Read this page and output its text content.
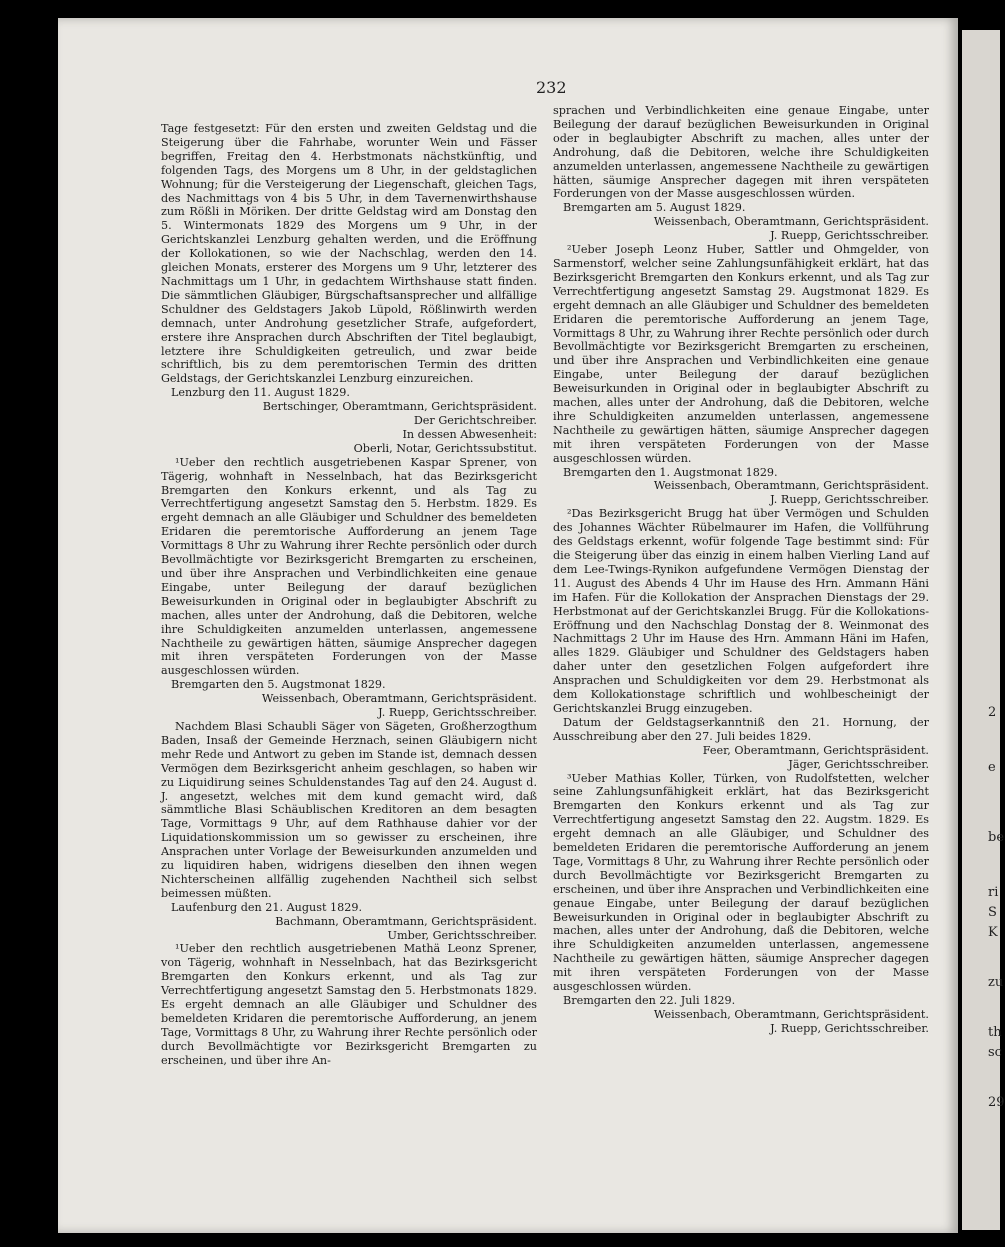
2
e
be
ri
S
K
zu
th
sc
29
232

Tage festgesetzt: Für den ersten und zweiten Geldstag und die Steigerung über die Fahrhabe, worunter Wein und Fässer begriffen, Freitag den 4. Herbstmonats nächstkünftig, und folgenden Tags, des Morgens um 8 Uhr, in der geldstaglichen Wohnung; für die Versteigerung der Liegenschaft, gleichen Tags, des Nachmittags von 4 bis 5 Uhr, in dem Tavernenwirthshause zum Rößli in Möriken. Der dritte Geldstag wird am Donstag den 5. Wintermonats 1829 des Morgens um 9 Uhr, in der Gerichtskanzlei Lenzburg gehalten werden, und die Eröffnung der Kollokationen, so wie der Nachschlag, werden den 14. gleichen Monats, ersterer des Morgens um 9 Uhr, letzterer des Nachmittags um 1 Uhr, in gedachtem Wirthshause statt finden. Die sämmtlichen Gläubiger, Bürgschaftsansprecher und allfällige Schuldner des Geldstagers Jakob Lüpold, Rößlinwirth werden demnach, unter Androhung gesetzlicher Strafe, aufgefordert, erstere ihre Ansprachen durch Abschriften der Titel beglaubigt, letztere ihre Schuldigkeiten getreulich, und zwar beide schriftlich, bis zu dem peremtorischen Termin des dritten Geldstags, der Gerichtskanzlei Lenzburg einzureichen.

Lenzburg den 11. August 1829.

Bertschinger, Oberamtmann, Gerichtspräsident.

Der Gerichtschreiber.

In dessen Abwesenheit:

Oberli, Notar, Gerichtssubstitut.

¹Ueber den rechtlich ausgetriebenen Kaspar Sprener, von Tägerig, wohnhaft in Nesselnbach, hat das Bezirksgericht Bremgarten den Konkurs erkennt, und als Tag zu Verrechtfertigung angesetzt Samstag den 5. Herbstm. 1829. Es ergeht demnach an alle Gläubiger und Schuldner des bemeldeten Eridaren die peremtorische Aufforderung an jenem Tage Vormittags 8 Uhr zu Wahrung ihrer Rechte persönlich oder durch Bevollmächtigte vor Bezirksgericht Bremgarten zu erscheinen, und über ihre Ansprachen und Verbindlichkeiten eine genaue Eingabe, unter Beilegung der darauf bezüglichen Beweisurkunden in Original oder in beglaubigter Abschrift zu machen, alles unter der Androhung, daß die Debitoren, welche ihre Schuldigkeiten anzumelden unterlassen, angemessene Nachtheile zu gewärtigen hätten, säumige Ansprecher dagegen mit ihren verspäteten Forderungen von der Masse ausgeschlossen würden.

Bremgarten den 5. Augstmonat 1829.

Weissenbach, Oberamtmann, Gerichtspräsident.

J. Ruepp, Gerichtsschreiber.

Nachdem Blasi Schaubli Säger von Sägeten, Großherzogthum Baden, Insaß der Gemeinde Herznach, seinen Gläubigern nicht mehr Rede und Antwort zu geben im Stande ist, demnach dessen Vermögen dem Bezirksgericht anheim geschlagen, so haben wir zu Liquidirung seines Schuldenstandes Tag auf den 24. August d. J. angesetzt, welches mit dem kund gemacht wird, daß sämmtliche Blasi Schäublischen Kreditoren an dem besagten Tage, Vormittags 9 Uhr, auf dem Rathhause dahier vor der Liquidationskommission um so gewisser zu erscheinen, ihre Ansprachen unter Vorlage der Beweisurkunden anzumelden und zu liquidiren haben, widrigens dieselben den ihnen wegen Nichterscheinen allfällig zugehenden Nachtheil sich selbst beimessen müßten.

Laufenburg den 21. August 1829.

Bachmann, Oberamtmann, Gerichtspräsident.

Umber, Gerichtsschreiber.

¹Ueber den rechtlich ausgetriebenen Mathä Leonz Sprener, von Tägerig, wohnhaft in Nesselnbach, hat das Bezirksgericht Bremgarten den Konkurs erkennt, und als Tag zur Verrechtfertigung angesetzt Samstag den 5. Herbstmonats 1829. Es ergeht demnach an alle Gläubiger und Schuldner des bemeldeten Kridaren die peremtorische Aufforderung, an jenem Tage, Vormittags 8 Uhr, zu Wahrung ihrer Rechte persönlich oder durch Bevollmächtigte vor Bezirksgericht Bremgarten zu erscheinen, und über ihre An-

sprachen und Verbindlichkeiten eine genaue Eingabe, unter Beilegung der darauf bezüglichen Beweisurkunden in Original oder in beglaubigter Abschrift zu machen, alles unter der Androhung, daß die Debitoren, welche ihre Schuldigkeiten anzumelden unterlassen, angemessene Nachtheile zu gewärtigen hätten, säumige Ansprecher dagegen mit ihren verspäteten Forderungen von der Masse ausgeschlossen würden.

Bremgarten am 5. August 1829.

Weissenbach, Oberamtmann, Gerichtspräsident.

J. Ruepp, Gerichtsschreiber.

²Ueber Joseph Leonz Huber, Sattler und Ohmgelder, von Sarmenstorf, welcher seine Zahlungsunfähigkeit erklärt, hat das Bezirksgericht Bremgarten den Konkurs erkennt, und als Tag zur Verrechtfertigung angesetzt Samstag 29. Augstmonat 1829. Es ergeht demnach an alle Gläubiger und Schuldner des bemeldeten Eridaren die peremtorische Aufforderung an jenem Tage, Vormittags 8 Uhr, zu Wahrung ihrer Rechte persönlich oder durch Bevollmächtigte vor Bezirksgericht Bremgarten zu erscheinen, und über ihre Ansprachen und Verbindlichkeiten eine genaue Eingabe, unter Beilegung der darauf bezüglichen Beweisurkunden in Original oder in beglaubigter Abschrift zu machen, alles unter der Androhung, daß die Debitoren, welche ihre Schuldigkeiten anzumelden unterlassen, angemessene Nachtheile zu gewärtigen hätten, säumige Ansprecher dagegen mit ihren verspäteten Forderungen von der Masse ausgeschlossen würden.

Bremgarten den 1. Augstmonat 1829.

Weissenbach, Oberamtmann, Gerichtspräsident.

J. Ruepp, Gerichtsschreiber.

²Das Bezirksgericht Brugg hat über Vermögen und Schulden des Johannes Wächter Rübelmaurer im Hafen, die Vollführung des Geldstags erkennt, wofür folgende Tage bestimmt sind: Für die Steigerung über das einzig in einem halben Vierling Land auf dem Lee-Twings-Rynikon aufgefundene Vermögen Dienstag der 11. August des Abends 4 Uhr im Hause des Hrn. Ammann Häni im Hafen. Für die Kollokation der Ansprachen Dienstags der 29. Herbstmonat auf der Gerichtskanzlei Brugg. Für die Kollokations-Eröffnung und den Nachschlag Donstag der 8. Weinmonat des Nachmittags 2 Uhr im Hause des Hrn. Ammann Häni im Hafen, alles 1829. Gläubiger und Schuldner des Geldstagers haben daher unter den gesetzlichen Folgen aufgefordert ihre Ansprachen und Schuldigkeiten vor dem 29. Herbstmonat als dem Kollokationstage schriftlich und wohlbescheinigt der Gerichtskanzlei Brugg einzugeben.

Datum der Geldstagserkanntniß den 21. Hornung, der Ausschreibung aber den 27. Juli beides 1829.

Feer, Oberamtmann, Gerichtspräsident.

Jäger, Gerichtsschreiber.

³Ueber Mathias Koller, Türken, von Rudolfstetten, welcher seine Zahlungsunfähigkeit erklärt, hat das Bezirksgericht Bremgarten den Konkurs erkennt und als Tag zur Verrechtfertigung angesetzt Samstag den 22. Augstm. 1829. Es ergeht demnach an alle Gläubiger, und Schuldner des bemeldeten Eridaren die peremtorische Aufforderung an jenem Tage, Vormittags 8 Uhr, zu Wahrung ihrer Rechte persönlich oder durch Bevollmächtigte vor Bezirksgericht Bremgarten zu erscheinen, und über ihre Ansprachen und Verbindlichkeiten eine genaue Eingabe, unter Beilegung der darauf bezüglichen Beweisurkunden in Original oder in beglaubigter Abschrift zu machen, alles unter der Androhung, daß die Debitoren, welche ihre Schuldigkeiten anzumelden unterlassen, angemessene Nachtheile zu gewärtigen hätten, säumige Ansprecher dagegen mit ihren verspäteten Forderungen von der Masse ausgeschlossen würden.

Bremgarten den 22. Juli 1829.

Weissenbach, Oberamtmann, Gerichtspräsident.

J. Ruepp, Gerichtsschreiber.
